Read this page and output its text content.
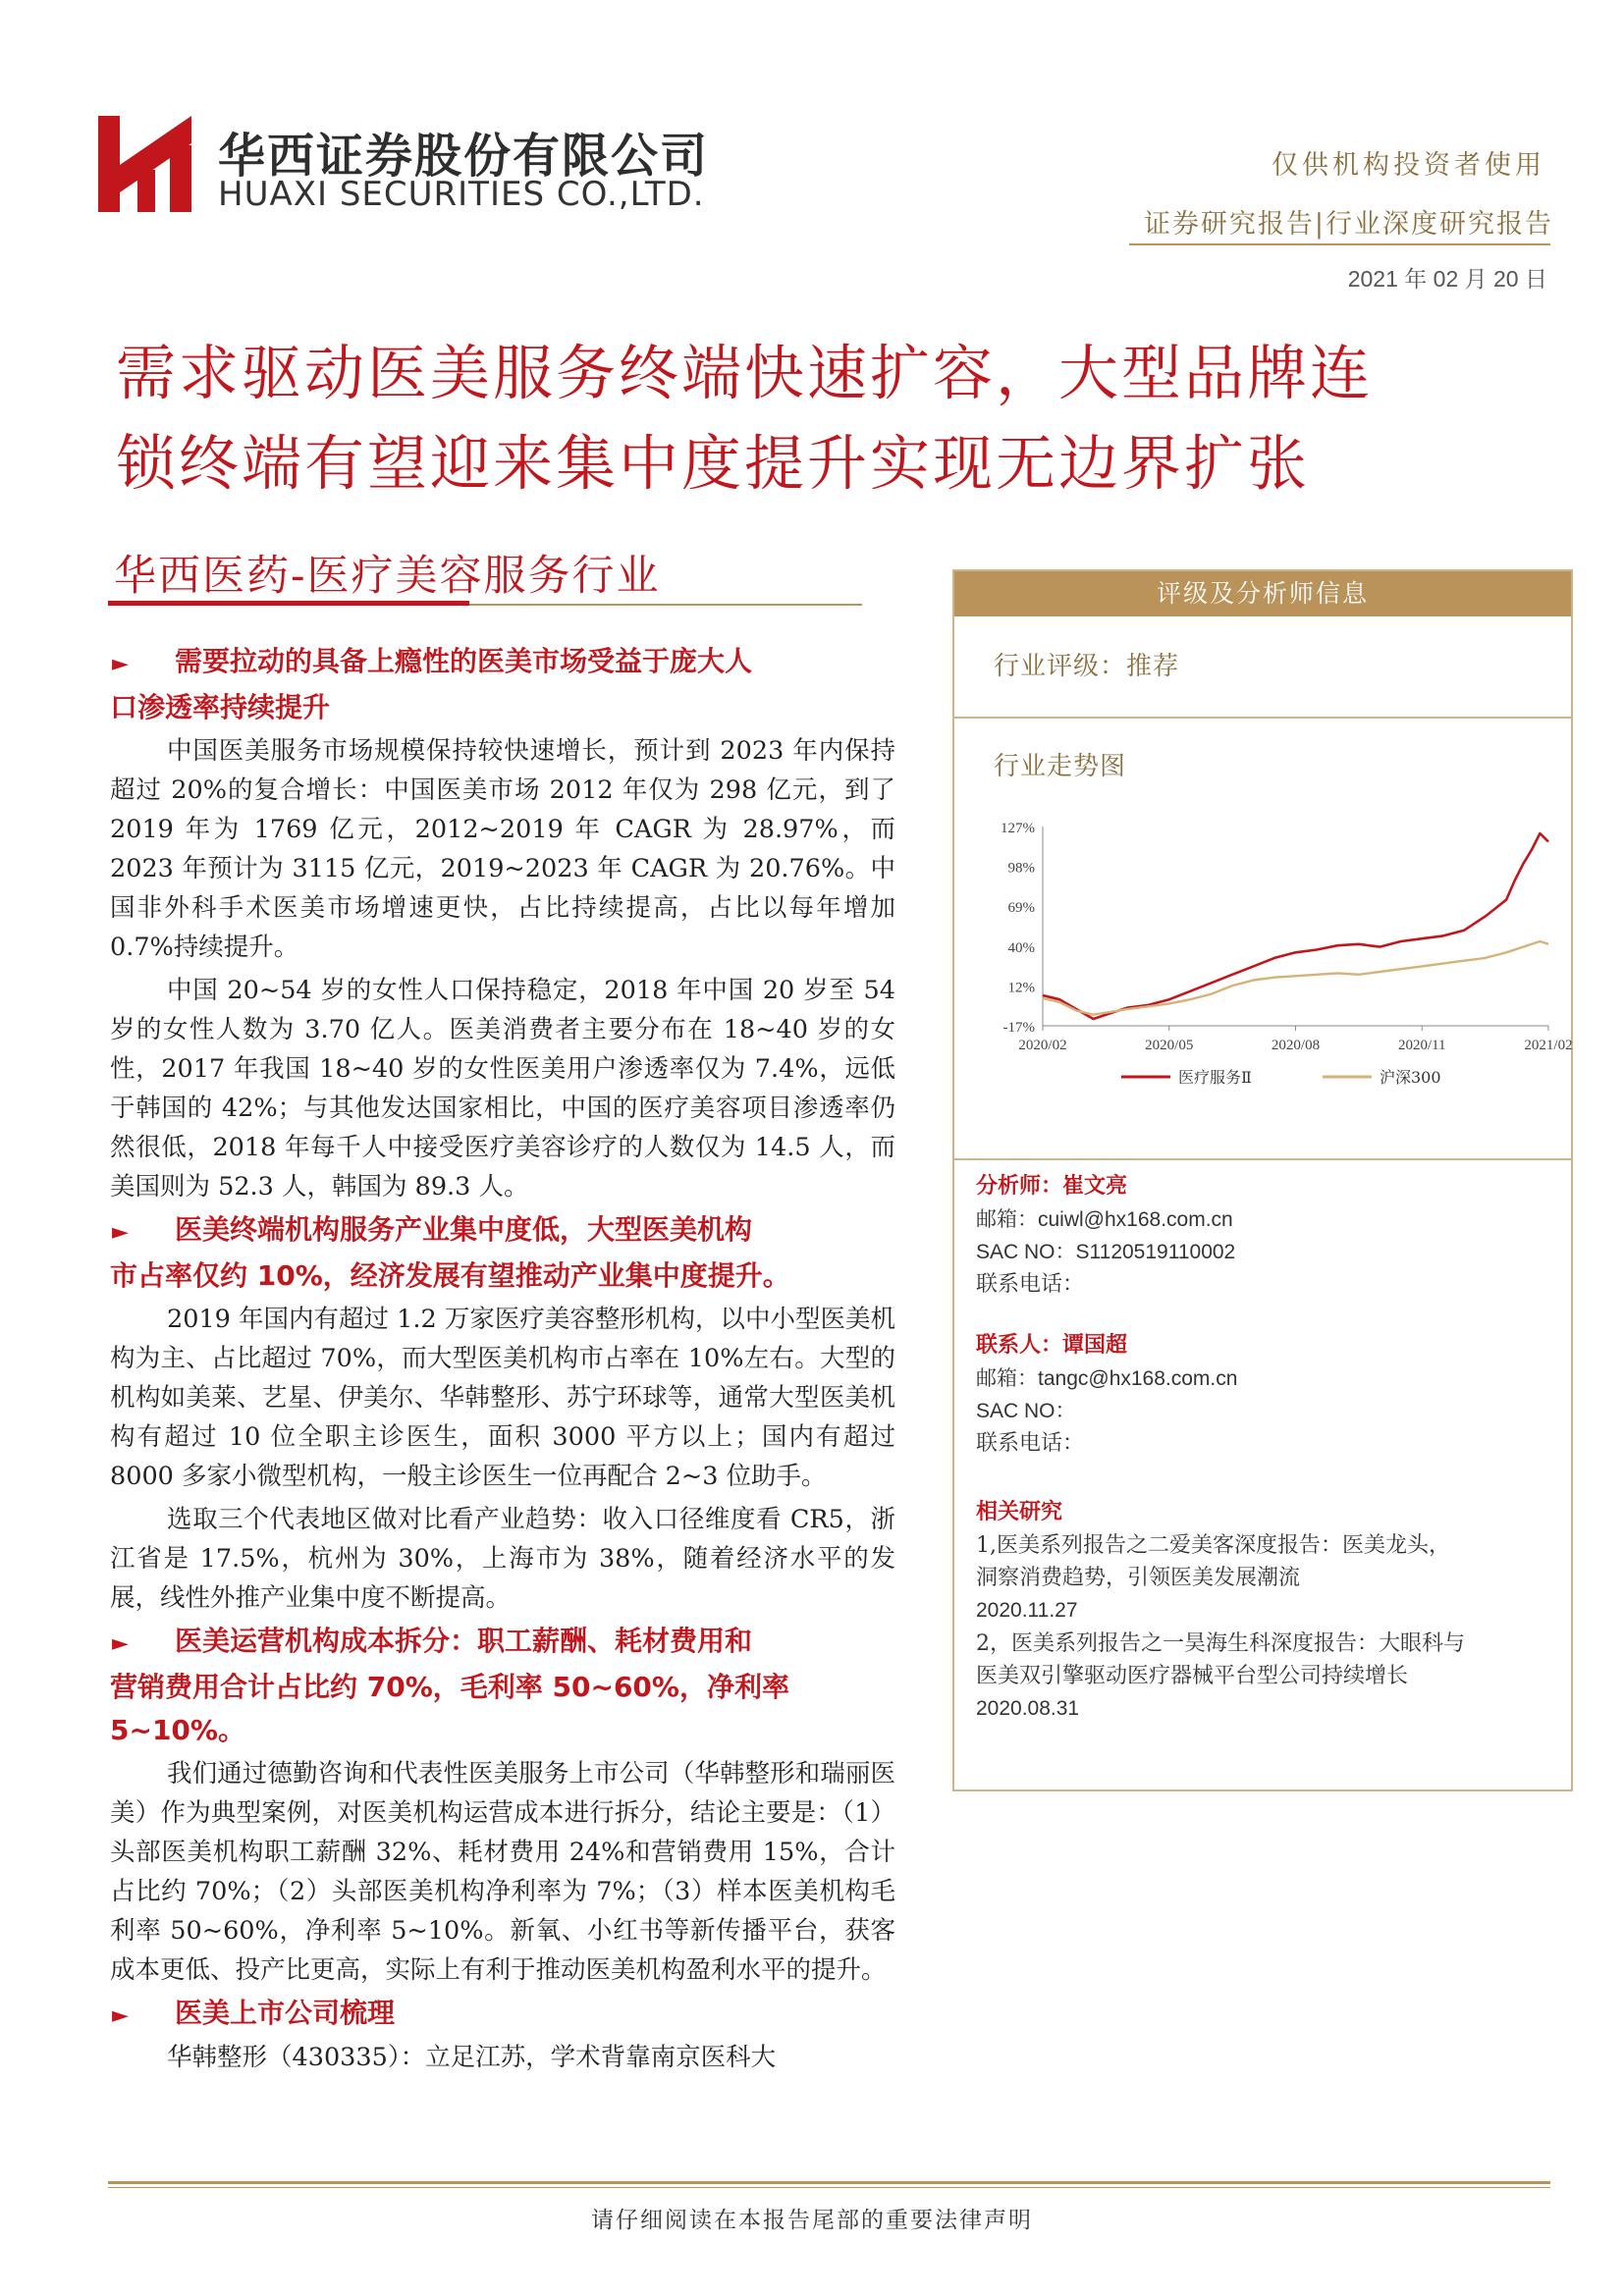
华西证券股份有限公司
HUAXI SECURITIES CO.,LTD.
仅供机构投资者使用
证券研究报告|行业深度研究报告
2021 年 02 月 20 日
需求驱动医美服务终端快速扩容，大型品牌连
锁终端有望迎来集中度提升实现无边界扩张
华西医药-医疗美容服务行业
► 需要拉动的具备上瘾性的医美市场受益于庞大人
口渗透率持续提升

中国医美服务市场规模保持较快速增长，预计到 2023 年内保持超过 20%的复合增长：中国医美市场 2012 年仅为 298 亿元，到了 2019 年为 1769 亿元，2012~2019 年 CAGR 为 28.97%，而 2023 年预计为 3115 亿元，2019~2023 年 CAGR 为 20.76%。中国非外科手术医美市场增速更快，占比持续提高，占比以每年增加 0.7%持续提升。

中国 20~54 岁的女性人口保持稳定，2018 年中国 20 岁至 54 岁的女性人数为 3.70 亿人。医美消费者主要分布在 18~40 岁的女性，2017 年我国 18~40 岁的女性医美用户渗透率仅为 7.4%，远低于韩国的 42%；与其他发达国家相比，中国的医疗美容项目渗透率仍然很低，2018 年每千人中接受医疗美容诊疗的人数仅为 14.5 人，而美国则为 52.3 人，韩国为 89.3 人。

► 医美终端机构服务产业集中度低，大型医美机构
市占率仅约 10%，经济发展有望推动产业集中度提升。

2019 年国内有超过 1.2 万家医疗美容整形机构，以中小型医美机构为主、占比超过 70%，而大型医美机构市占率在 10%左右。大型的机构如美莱、艺星、伊美尔、华韩整形、苏宁环球等，通常大型医美机构有超过 10 位全职主诊医生，面积 3000 平方以上；国内有超过 8000 多家小微型机构，一般主诊医生一位再配合 2~3 位助手。

选取三个代表地区做对比看产业趋势：收入口径维度看 CR5，浙江省是 17.5%，杭州为 30%，上海市为 38%，随着经济水平的发展，线性外推产业集中度不断提高。

► 医美运营机构成本拆分：职工薪酬、耗材费用和
营销费用合计占比约 70%，毛利率 50~60%，净利率
5~10%。

我们通过德勤咨询和代表性医美服务上市公司（华韩整形和瑞丽医美）作为典型案例，对医美机构运营成本进行拆分，结论主要是：（1）头部医美机构职工薪酬 32%、耗材费用 24%和营销费用 15%，合计占比约 70%；（2）头部医美机构净利率为 7%；（3）样本医美机构毛利率 50~60%，净利率 5~10%。新氧、小红书等新传播平台，获客成本更低、投产比更高，实际上有利于推动医美机构盈利水平的提升。

► 医美上市公司梳理

华韩整形（430335）：立足江苏，学术背靠南京医科大

评级及分析师信息
行业评级：推荐
行业走势图
127%
98%
69%
40%
12%
-17%
2020/02	2020/05	2020/08	2020/11	2021/02
医疗服务Ⅱ	沪深300
分析师：崔文亮
邮箱：cuiwl@hx168.com.cn
SAC NO：S1120519110002
联系电话：
联系人：谭国超
邮箱：tangc@hx168.com.cn
SAC NO：
联系电话：
相关研究
1,医美系列报告之二爱美客深度报告：医美龙头，
洞察消费趋势，引领医美发展潮流
2020.11.27
2，医美系列报告之一昊海生科深度报告：大眼科与
医美双引擎驱动医疗器械平台型公司持续增长
2020.08.31
请仔细阅读在本报告尾部的重要法律声明
